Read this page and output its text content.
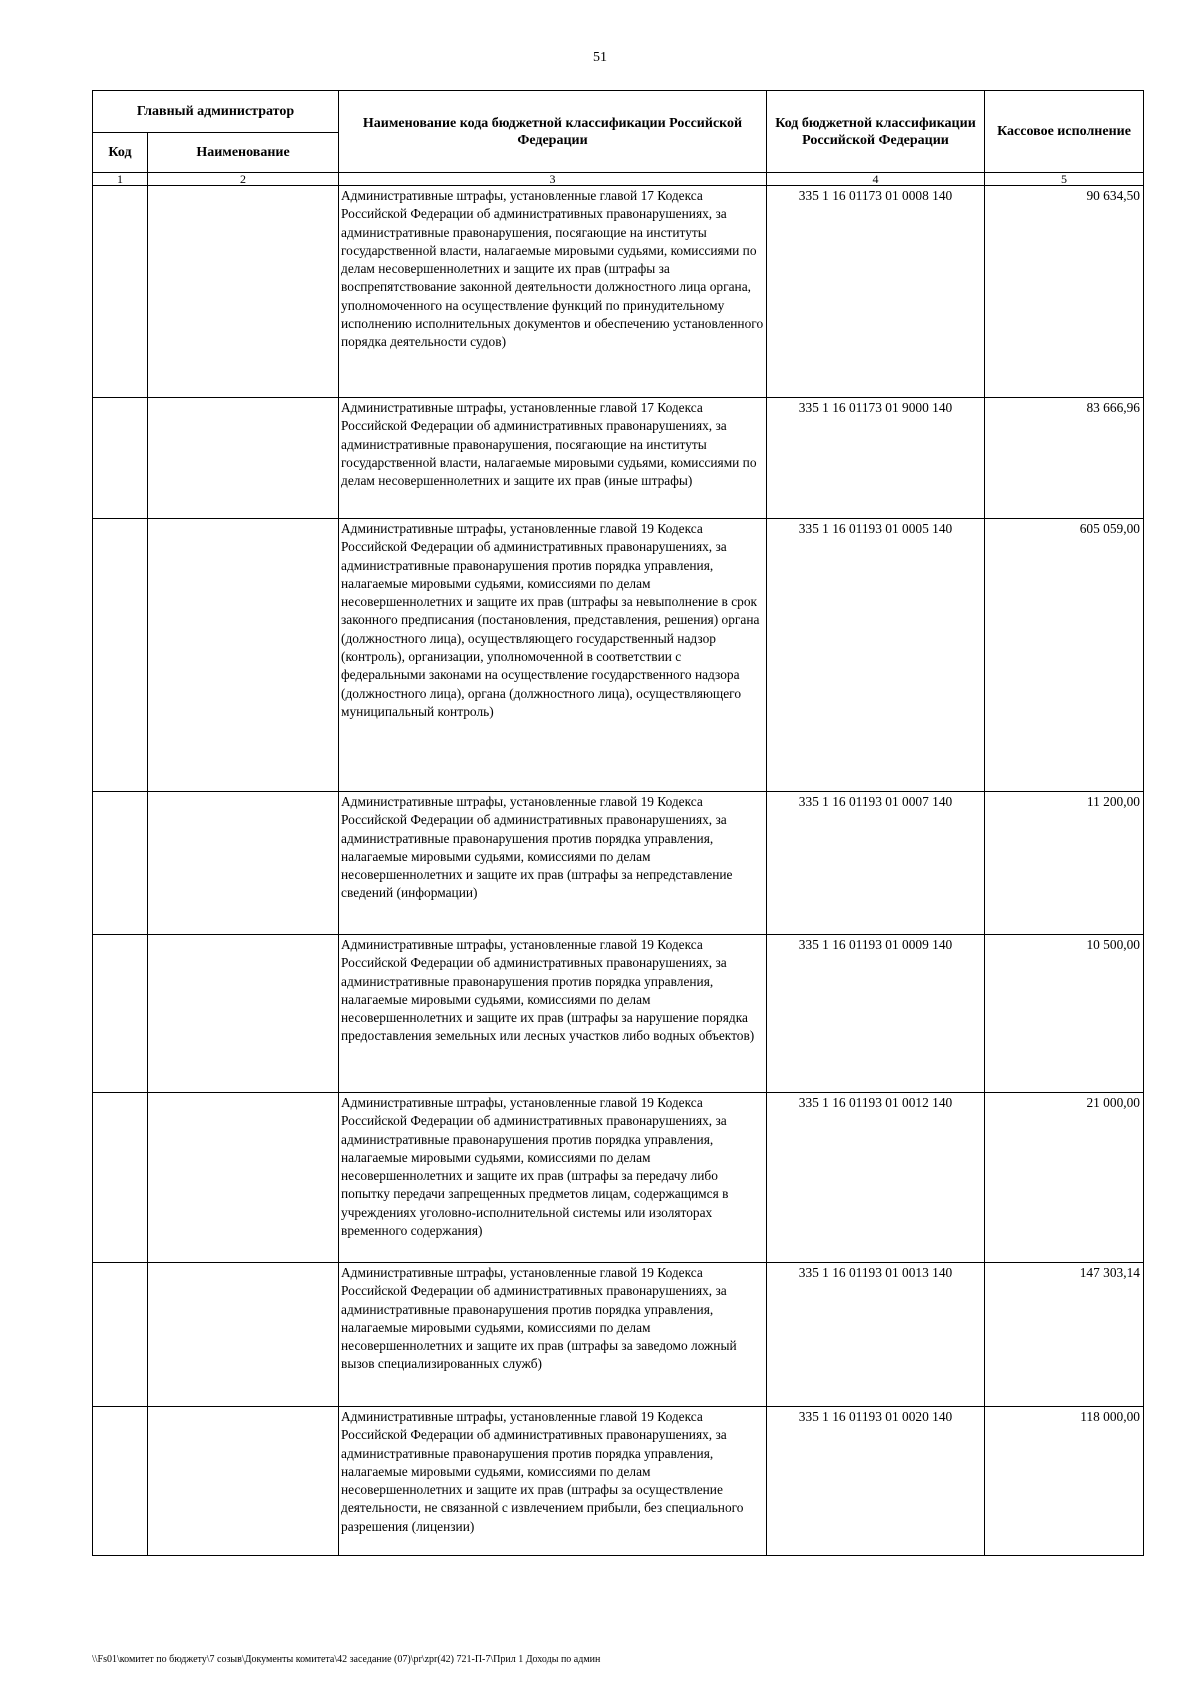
51
Главный администратор		Наименование кода бюджетной классификации Российской Федерации	Код бюджетной классификации Российской Федерации	Кассовое исполнение
Код	Наименование			
1	2	3	4	5
		Административные штрафы, установленные главой 17 Кодекса Российской Федерации об административных правонарушениях, за административные правонарушения, посягающие на институты государственной власти, налагаемые мировыми судьями, комиссиями по делам несовершеннолетних и защите их прав (штрафы за воспрепятствование законной деятельности должностного лица органа, уполномоченного на осуществление функций по принудительному исполнению исполнительных документов и обеспечению установленного порядка деятельности судов)	335 1 16 01173 01 0008 140	90 634,50
		Административные штрафы, установленные главой 17 Кодекса Российской Федерации об административных правонарушениях, за административные правонарушения, посягающие на институты государственной власти, налагаемые мировыми судьями, комиссиями по делам несовершеннолетних и защите их прав (иные штрафы)	335 1 16 01173 01 9000 140	83 666,96
		Административные штрафы, установленные главой 19 Кодекса Российской Федерации об административных правонарушениях, за административные правонарушения против порядка управления, налагаемые мировыми судьями, комиссиями по делам несовершеннолетних и защите их прав (штрафы за невыполнение в срок законного предписания (постановления, представления, решения) органа (должностного лица), осуществляющего государственный надзор (контроль), организации, уполномоченной в соответствии с федеральными законами на осуществление государственного надзора (должностного лица), органа (должностного лица), осуществляющего муниципальный контроль)	335 1 16 01193 01 0005 140	605 059,00
		Административные штрафы, установленные главой 19 Кодекса Российской Федерации об административных правонарушениях, за административные правонарушения против порядка управления, налагаемые мировыми судьями, комиссиями по делам несовершеннолетних и защите их прав (штрафы за непредставление сведений (информации)	335 1 16 01193 01 0007 140	11 200,00
		Административные штрафы, установленные главой 19 Кодекса Российской Федерации об административных правонарушениях, за административные правонарушения против порядка управления, налагаемые мировыми судьями, комиссиями по делам несовершеннолетних и защите их прав (штрафы за нарушение порядка предоставления земельных или лесных участков либо водных объектов)	335 1 16 01193 01 0009 140	10 500,00
		Административные штрафы, установленные главой 19 Кодекса Российской Федерации об административных правонарушениях, за административные правонарушения против порядка управления, налагаемые мировыми судьями, комиссиями по делам несовершеннолетних и защите их прав (штрафы за передачу либо попытку передачи запрещенных предметов лицам, содержащимся в учреждениях уголовно-исполнительной системы или изоляторах временного содержания)	335 1 16 01193 01 0012 140	21 000,00
		Административные штрафы, установленные главой 19 Кодекса Российской Федерации об административных правонарушениях, за административные правонарушения против порядка управления, налагаемые мировыми судьями, комиссиями по делам несовершеннолетних и защите их прав (штрафы за заведомо ложный вызов специализированных служб)	335 1 16 01193 01 0013 140	147 303,14
		Административные штрафы, установленные главой 19 Кодекса Российской Федерации об административных правонарушениях, за административные правонарушения против порядка управления, налагаемые мировыми судьями, комиссиями по делам несовершеннолетних и защите их прав (штрафы за осуществление деятельности, не связанной с извлечением прибыли, без специального разрешения (лицензии)	335 1 16 01193 01 0020 140	118 000,00
\\Fs01\комитет по бюджету\7 созыв\Документы комитета\42 заседание (07)\pr\zpr(42) 721-П-7\Прил 1 Доходы по админ
